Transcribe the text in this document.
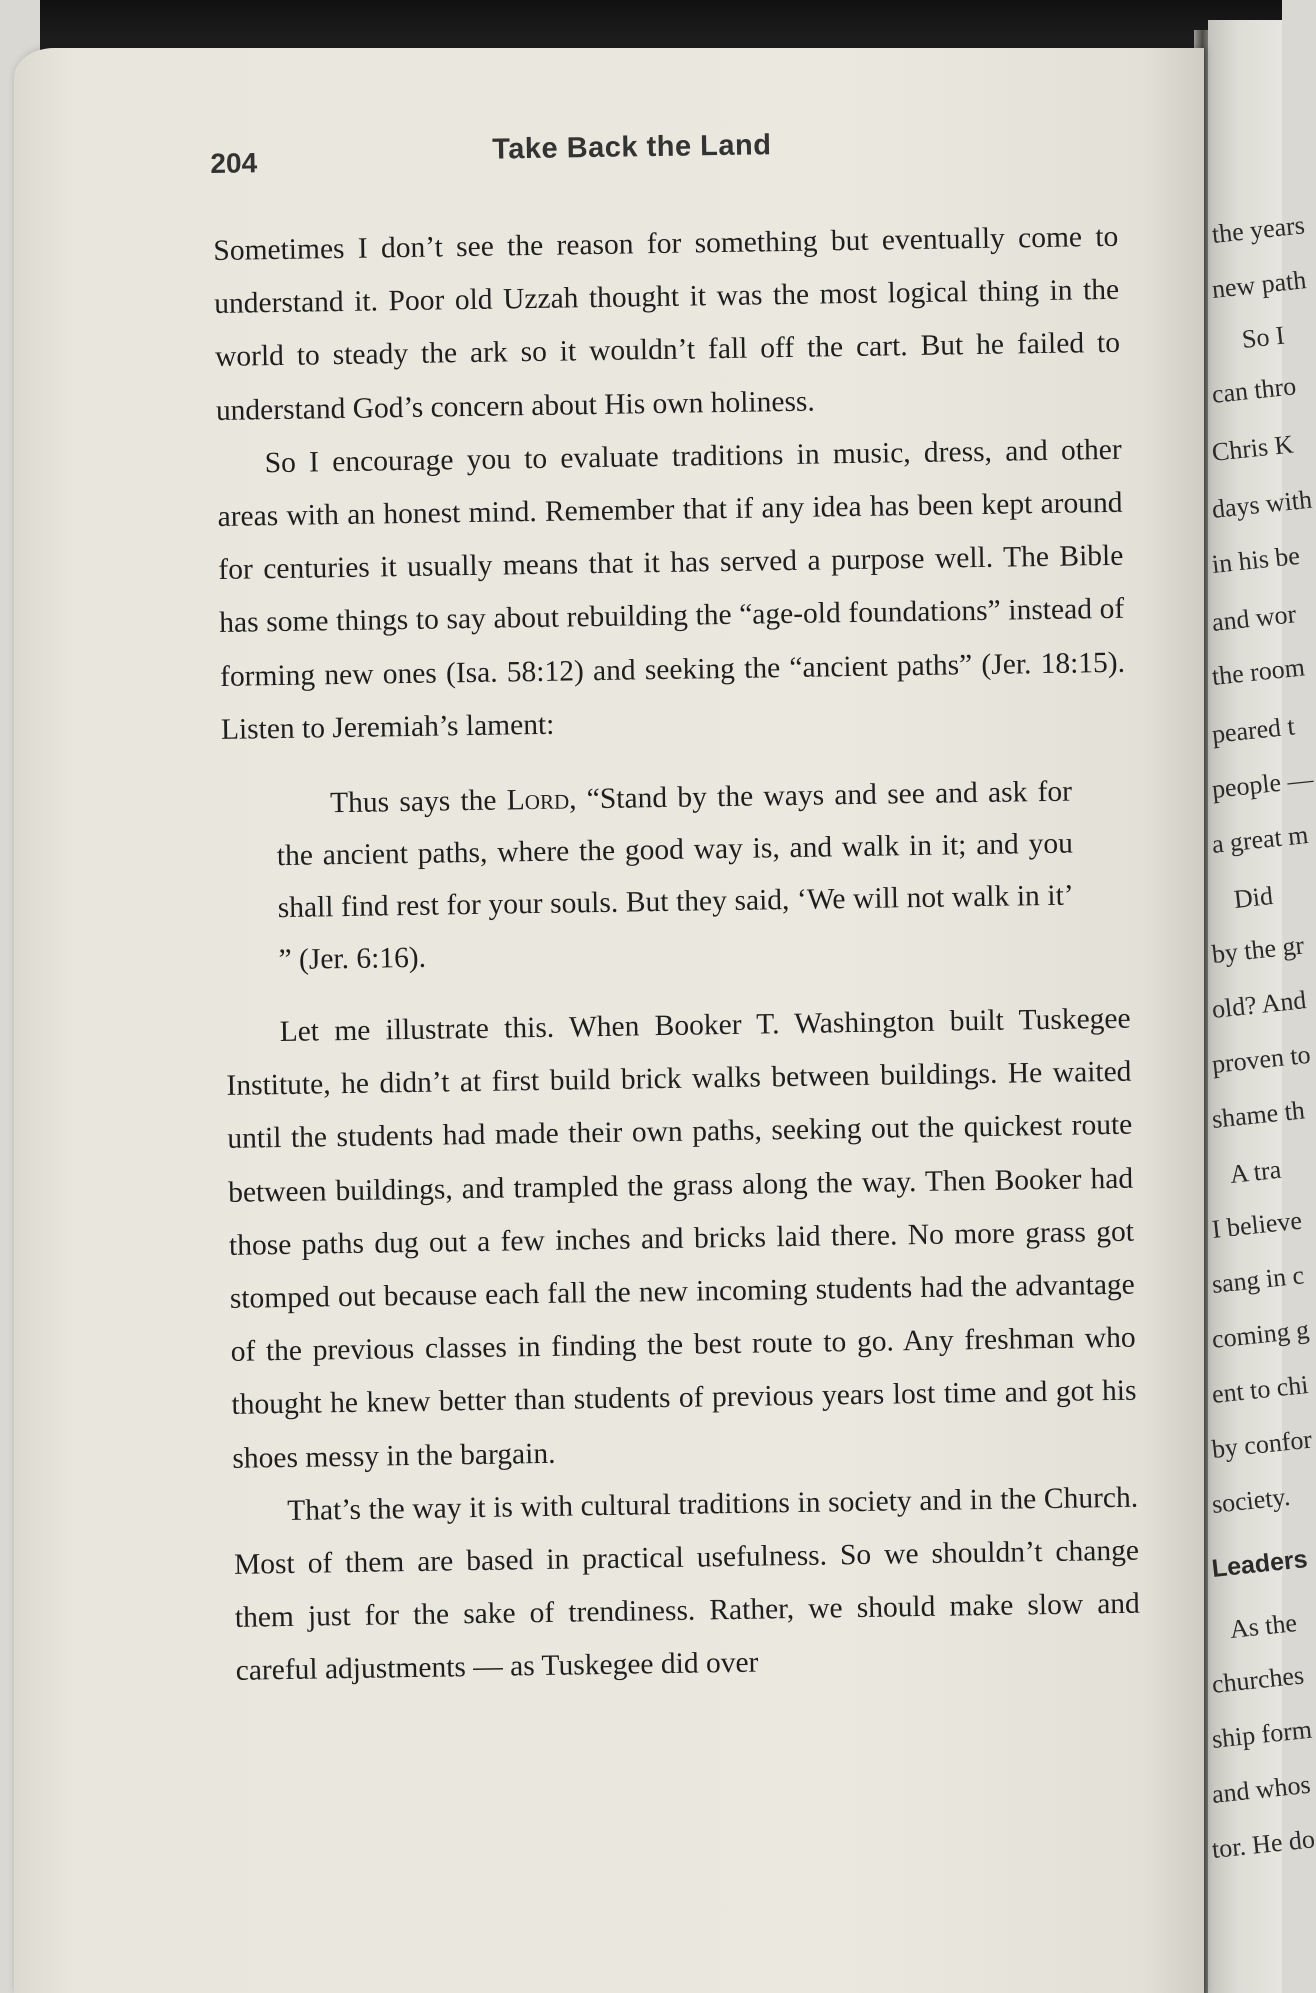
the years
new path
So I
can thro
Chris K
days with
in his be
and wor
the room
peared t
people —
a great m
Did
by the gr
old? And
proven to
shame th
A tra
I believe
sang in c
coming g
ent to chi
by confor
society.
Leaders
As the
churches
ship form
and whos
tor. He do
204	Take Back the Land

Sometimes I don’t see the reason for something but eventually come to understand it. Poor old Uzzah thought it was the most logical thing in the world to steady the ark so it wouldn’t fall off the cart. But he failed to understand God’s concern about His own holiness.

So I encourage you to evaluate traditions in music, dress, and other areas with an honest mind. Remember that if any idea has been kept around for centuries it usually means that it has served a purpose well. The Bible has some things to say about rebuilding the “age-old foundations” instead of forming new ones (Isa. 58:12) and seeking the “ancient paths” (Jer. 18:15). Listen to Jeremiah’s lament:

Thus says the Lord, “Stand by the ways and see and ask for the ancient paths, where the good way is, and walk in it; and you shall find rest for your souls. But they said, ‘We will not walk in it’ ” (Jer. 6:16).

Let me illustrate this. When Booker T. Washington built Tuskegee Institute, he didn’t at first build brick walks between buildings. He waited until the students had made their own paths, seeking out the quickest route between buildings, and trampled the grass along the way. Then Booker had those paths dug out a few inches and bricks laid there. No more grass got stomped out because each fall the new incoming students had the advantage of the previous classes in finding the best route to go. Any freshman who thought he knew better than students of previous years lost time and got his shoes messy in the bargain.

That’s the way it is with cultural traditions in society and in the Church. Most of them are based in practical usefulness. So we shouldn’t change them just for the sake of trendiness. Rather, we should make slow and careful adjustments — as Tuskegee did over
